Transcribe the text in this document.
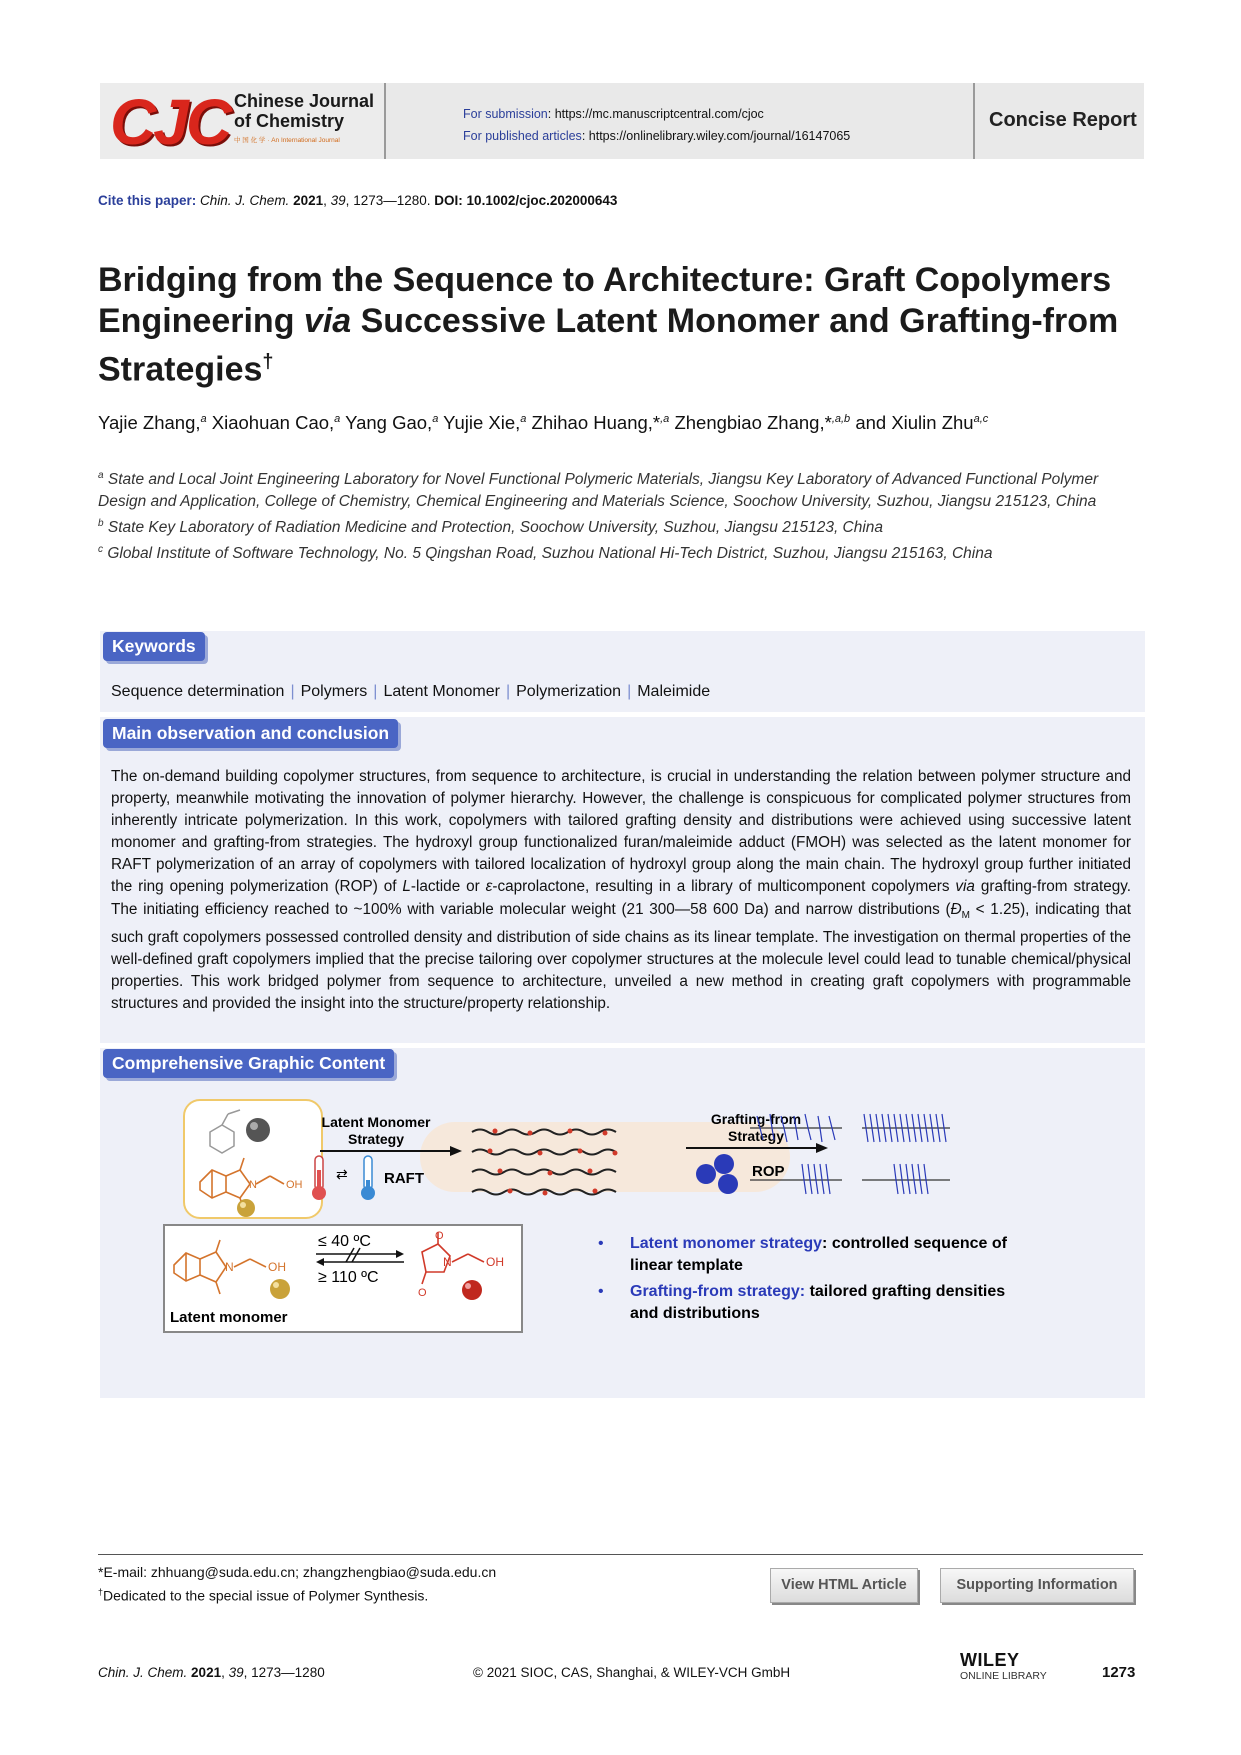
CJC Chinese Journal
of Chemistry
中 国 化 学 · An International Journal
For submission: https://mc.manuscriptcentral.com/cjoc
For published articles: https://onlinelibrary.wiley.com/journal/16147065
Concise Report
Cite this paper: Chin. J. Chem. 2021, 39, 1273—1280. DOI: 10.1002/cjoc.202000643
Bridging from the Sequence to Architecture: Graft Copolymers
Engineering via Successive Latent Monomer and Grafting-from
Strategies†
Yajie Zhang,$^a$ Xiaohuan Cao,$^a$ Yang Gao,$^a$ Yujie Xie,$^a$ Zhihao Huang,*$^{,a}$ Zhengbiao Zhang,*$^{,a,b}$ and Xiulin Zhu$^{a,c}$
$^a$ State and Local Joint Engineering Laboratory for Novel Functional Polymeric Materials, Jiangsu Key Laboratory of Advanced Functional Polymer Design and Application, College of Chemistry, Chemical Engineering and Materials Science, Soochow University, Suzhou, Jiangsu 215123, China
$^b$ State Key Laboratory of Radiation Medicine and Protection, Soochow University, Suzhou, Jiangsu 215123, China
$^c$ Global Institute of Software Technology, No. 5 Qingshan Road, Suzhou National Hi-Tech District, Suzhou, Jiangsu 215163, China
Keywords
Sequence determination | Polymers | Latent Monomer | Polymerization | Maleimide
Main observation and conclusion
The on-demand building copolymer structures, from sequence to architecture, is crucial in understanding the relation between polymer structure and property, meanwhile motivating the innovation of polymer hierarchy. However, the challenge is conspicuous for complicated polymer structures from inherently intricate polymerization. In this work, copolymers with tailored grafting density and distributions were achieved using successive latent monomer and grafting-from strategies. The hydroxyl group functionalized furan/maleimide adduct (FMOH) was selected as the latent monomer for RAFT polymerization of an array of copolymers with tailored localization of hydroxyl group along the main chain. The hydroxyl group further initiated the ring opening polymerization (ROP) of L-lactide or ε-caprolactone, resulting in a library of multicomponent copolymers via grafting-from strategy. The initiating efficiency reached to ~100% with variable molecular weight (21 300—58 600 Da) and narrow distributions $(Đ_M < 1.25)$, indicating that such graft copolymers possessed controlled density and distribution of side chains as its linear template. The investigation on thermal properties of the well-defined graft copolymers implied that the precise tailoring over copolymer structures at the molecule level could lead to tunable chemical/physical properties. This work bridged polymer from sequence to architecture, unveiled a new method in creating graft copolymers with programmable structures and provided the insight into the structure/property relationship.
Comprehensive Graphic Content
N	OH
Latent Monomer
Strategy
⇄ RAFT
Grafting-from
Strategy
ROP
N	OH
Latent monomer
≤ 40 ºC
≥ 110 ºC
O
O
N	OH
• Latent monomer strategy: controlled sequence of
linear template
• Grafting-from strategy: tailored grafting densities
and distributions
*E-mail: zhhuang@suda.edu.cn; zhangzhengbiao@suda.edu.cn
†Dedicated to the special issue of Polymer Synthesis.
View HTML Article	Supporting Information
Chin. J. Chem. 2021, 39, 1273—1280	© 2021 SIOC, CAS, Shanghai, & WILEY-VCH GmbH
WILEY
ONLINE LIBRARY	1273
